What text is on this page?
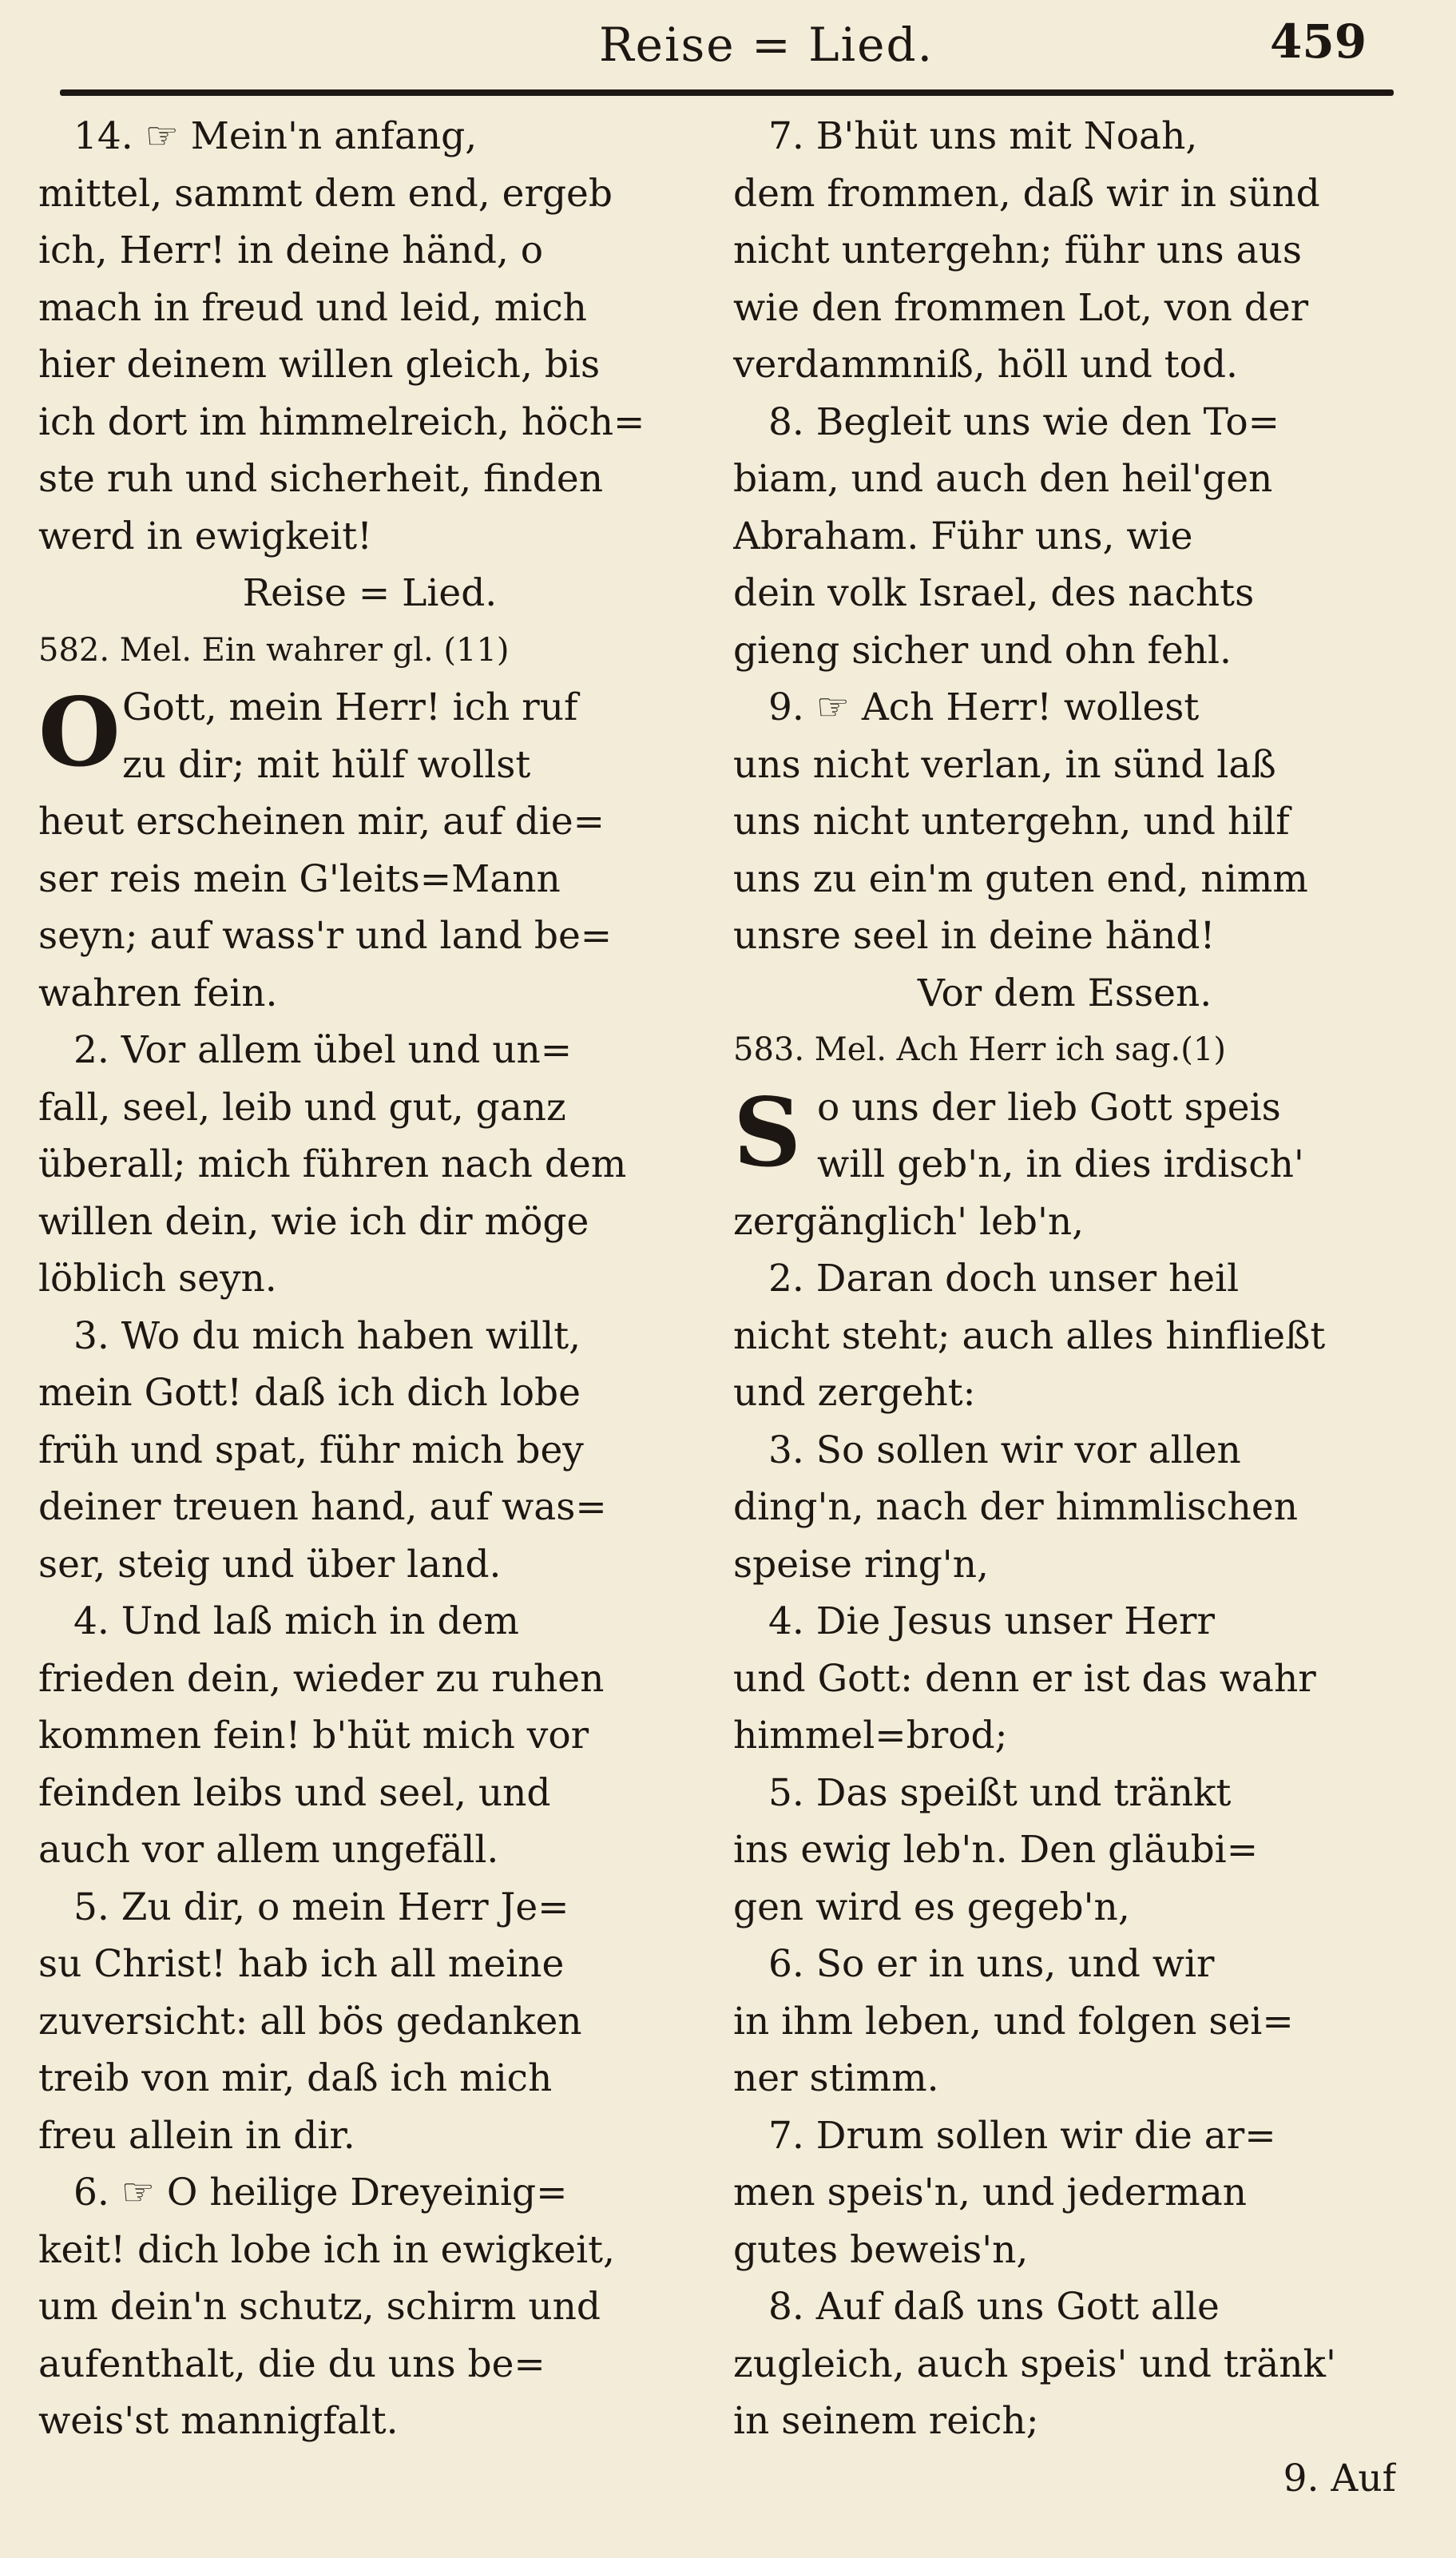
Reise = Lied.	459
14. ☞ Mein'n anfang,
mittel, sammt dem end, ergeb
ich, Herr! in deine händ, o
mach in freud und leid, mich
hier deinem willen gleich, bis
ich dort im himmelreich, höch=
ste ruh und sicherheit, finden
werd in ewigkeit!
Reise = Lied.
582. Mel. Ein wahrer gl. (11)
O Gott, mein Herr! ich ruf
zu dir; mit hülf wollst
heut erscheinen mir, auf die=
ser reis mein G'leits=Mann
seyn; auf wass'r und land be=
wahren fein.
2. Vor allem übel und un=
fall, seel, leib und gut, ganz
überall; mich führen nach dem
willen dein, wie ich dir möge
löblich seyn.
3. Wo du mich haben willt,
mein Gott! daß ich dich lobe
früh und spat, führ mich bey
deiner treuen hand, auf was=
ser, steig und über land.
4. Und laß mich in dem
frieden dein, wieder zu ruhen
kommen fein! b'hüt mich vor
feinden leibs und seel, und
auch vor allem ungefäll.
5. Zu dir, o mein Herr Je=
su Christ! hab ich all meine
zuversicht: all bös gedanken
treib von mir, daß ich mich
freu allein in dir.
6. ☞ O heilige Dreyeinig=
keit! dich lobe ich in ewigkeit,
um dein'n schutz, schirm und
aufenthalt, die du uns be=
weis'st mannigfalt.
7. B'hüt uns mit Noah,
dem frommen, daß wir in sünd
nicht untergehn; führ uns aus
wie den frommen Lot, von der
verdammniß, höll und tod.
8. Begleit uns wie den To=
biam, und auch den heil'gen
Abraham. Führ uns, wie
dein volk Israel, des nachts
gieng sicher und ohn fehl.
9. ☞ Ach Herr! wollest
uns nicht verlan, in sünd laß
uns nicht untergehn, und hilf
uns zu ein'm guten end, nimm
unsre seel in deine händ!
Vor dem Essen.
583. Mel. Ach Herr ich sag.(1)
S o uns der lieb Gott speis
will geb'n, in dies irdisch'
zergänglich' leb'n,
2. Daran doch unser heil
nicht steht; auch alles hinfließt
und zergeht:
3. So sollen wir vor allen
ding'n, nach der himmlischen
speise ring'n,
4. Die Jesus unser Herr
und Gott: denn er ist das wahr
himmel=brod;
5. Das speißt und tränkt
ins ewig leb'n. Den gläubi=
gen wird es gegeb'n,
6. So er in uns, und wir
in ihm leben, und folgen sei=
ner stimm.
7. Drum sollen wir die ar=
men speis'n, und jederman
gutes beweis'n,
8. Auf daß uns Gott alle
zugleich, auch speis' und tränk'
in seinem reich;
9. Auf
